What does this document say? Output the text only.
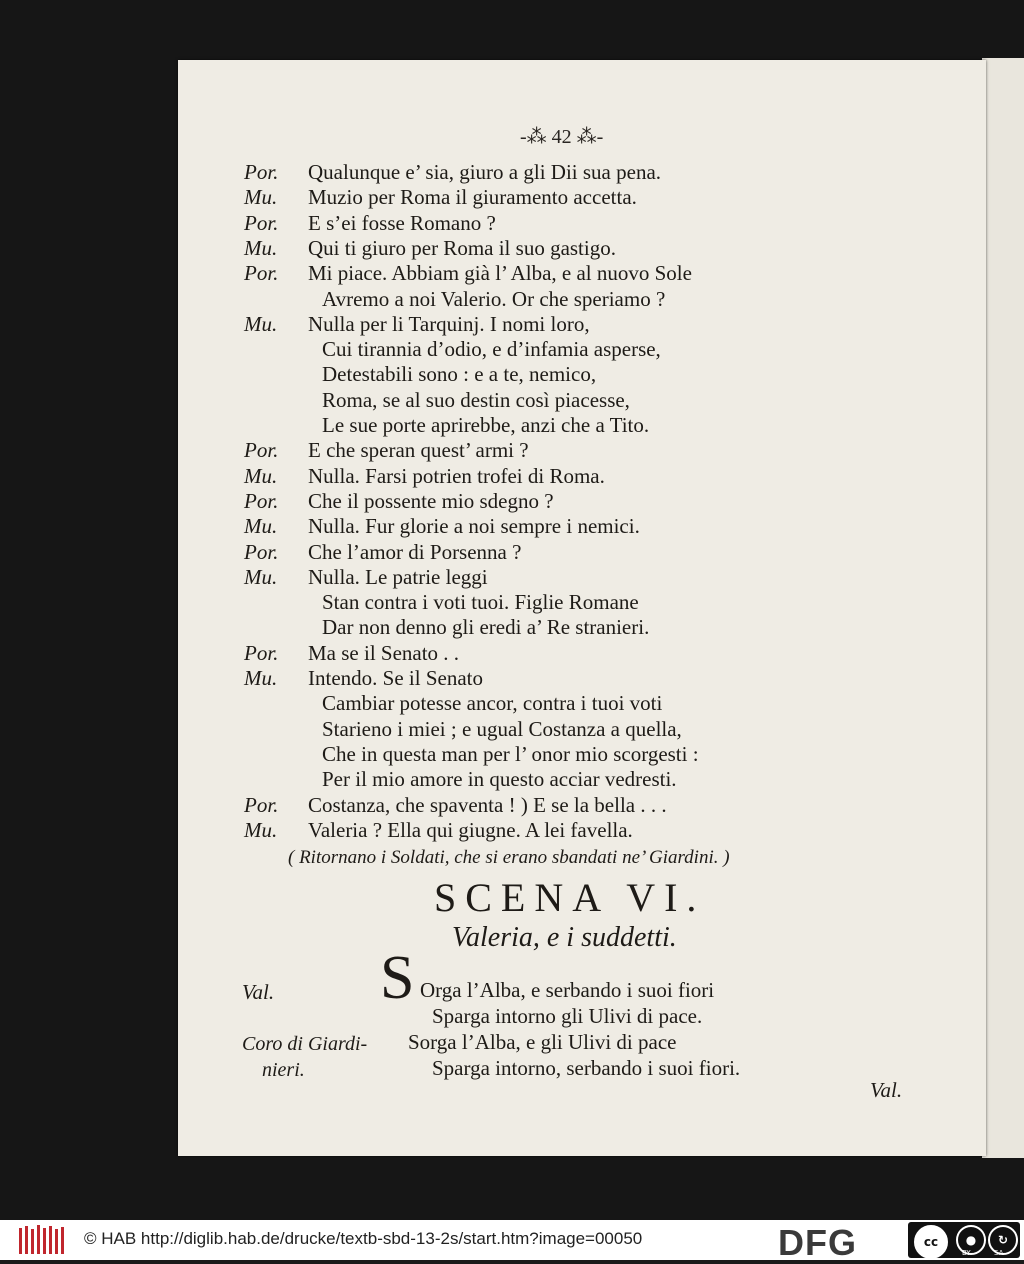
-⁂ 42 ⁂-
Por. Qualunque e’ sia, giuro a gli Dii sua pena.
Mu. Muzio per Roma il giuramento accetta.
Por. E s’ei fosse Romano ?
Mu. Qui ti giuro per Roma il suo gastigo.
Por. Mi piace. Abbiam già l’ Alba, e al nuovo Sole
Avremo a noi Valerio. Or che speriamo ?
Mu. Nulla per li Tarquinj. I nomi loro,
Cui tirannia d’odio, e d’infamia asperse,
Detestabili sono : e a te, nemico,
Roma, se al suo destin così piacesse,
Le sue porte aprirebbe, anzi che a Tito.
Por. E che speran quest’ armi ?
Mu. Nulla. Farsi potrien trofei di Roma.
Por. Che il possente mio sdegno ?
Mu. Nulla. Fur glorie a noi sempre i nemici.
Por. Che l’amor di Porsenna ?
Mu. Nulla. Le patrie leggi
Stan contra i voti tuoi. Figlie Romane
Dar non denno gli eredi a’ Re stranieri.
Por. Ma se il Senato . .
Mu. Intendo. Se il Senato
Cambiar potesse ancor, contra i tuoi voti
Starieno i miei ; e ugual Costanza a quella,
Che in questa man per l’ onor mio scorgesti :
Per il mio amore in questo acciar vedresti.
Por. Costanza, che spaventa ! ) E se la bella . . .
Mu. Valeria ? Ella qui giugne. A lei favella.
( Ritornano i Soldati, che si erano sbandati ne’ Giardini. )
SCENA VI.
Valeria, e i suddetti.
Val. S Orga l’Alba, e serbando i suoi fiori
Sparga intorno gli Ulivi di pace.
Coro di Giardi-
nieri.
Sorga l’Alba, e gli Ulivi di pace
Sparga intorno, serbando i suoi fiori.
Val.
© HAB http://diglib.hab.de/drucke/textb-sbd-13-2s/start.htm?image=00050	DFG	cc	●	↻
BY	SA
